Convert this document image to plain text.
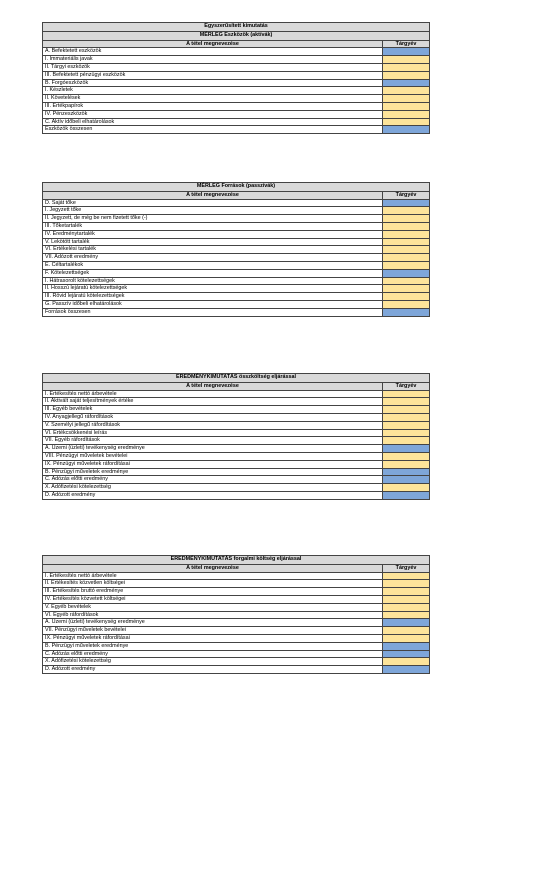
Egyszerűsített kimutatás
MÉRLEG Eszközök (aktívák)
A tétel megnevezése	Tárgyév
A. Befektetett eszközök
I. Immateriális javak
II. Tárgyi eszközök
III. Befektetett pénzügyi eszközök
B. Forgóeszközök
I. Készletek
II. Követelések
III. Értékpapírok
IV. Pénzeszközök
C. Aktív időbeli elhatárolások
Eszközök összesen
MÉRLEG Források (passzívák)
A tétel megnevezése	Tárgyév
D. Saját tőke
I. Jegyzett tőke
II. Jegyzett, de még be nem fizetett tőke (-)
III. Tőketartalék
IV. Eredménytartalék
V. Lekötött tartalék
VI. Értékelési tartalék
VII. Adózott eredmény
E. Céltartalékok
F. Kötelezettségek
I. Hátrasorolt kötelezettségek
II. Hosszú lejáratú kötelezettségek
III. Rövid lejáratú kötelezettségek
G. Passzív időbeli elhatárolások
Források összesen
EREDMÉNYKIMUTATÁS összköltség eljárással
A tétel megnevezése	Tárgyév
I. Értékesítés nettó árbevétele
II. Aktivált saját teljesítmények értéke
III. Egyéb bevételek
IV. Anyagjellegű ráfordítások
V. Személyi jellegű ráfordítások
VI. Értékcsökkenési leírás
VII. Egyéb ráfordítások
A. Üzemi (üzleti) tevékenység eredménye
VIII. Pénzügyi műveletek bevételei
IX. Pénzügyi műveletek ráfordításai
B. Pénzügyi műveletek eredménye
C. Adózás előtti eredmény
X. Adófizetési kötelezettség
D. Adózott eredmény
EREDMÉNYKIMUTATÁS forgalmi költség eljárással
A tétel megnevezése	Tárgyév
I. Értékesítés nettó árbevétele
II. Értékesítés közvetlen költségei
III. Értékesítés bruttó eredménye
IV. Értékesítés közvetett költségei
V. Egyéb bevételek
VI. Egyéb ráfordítások
A. Üzemi (üzleti) tevékenység eredménye
VII. Pénzügyi műveletek bevételei
IX. Pénzügyi műveletek ráfordításai
B. Pénzügyi műveletek eredménye
C. Adózás előtti eredmény
X. Adófizetési kötelezettség
D. Adózott eredmény
